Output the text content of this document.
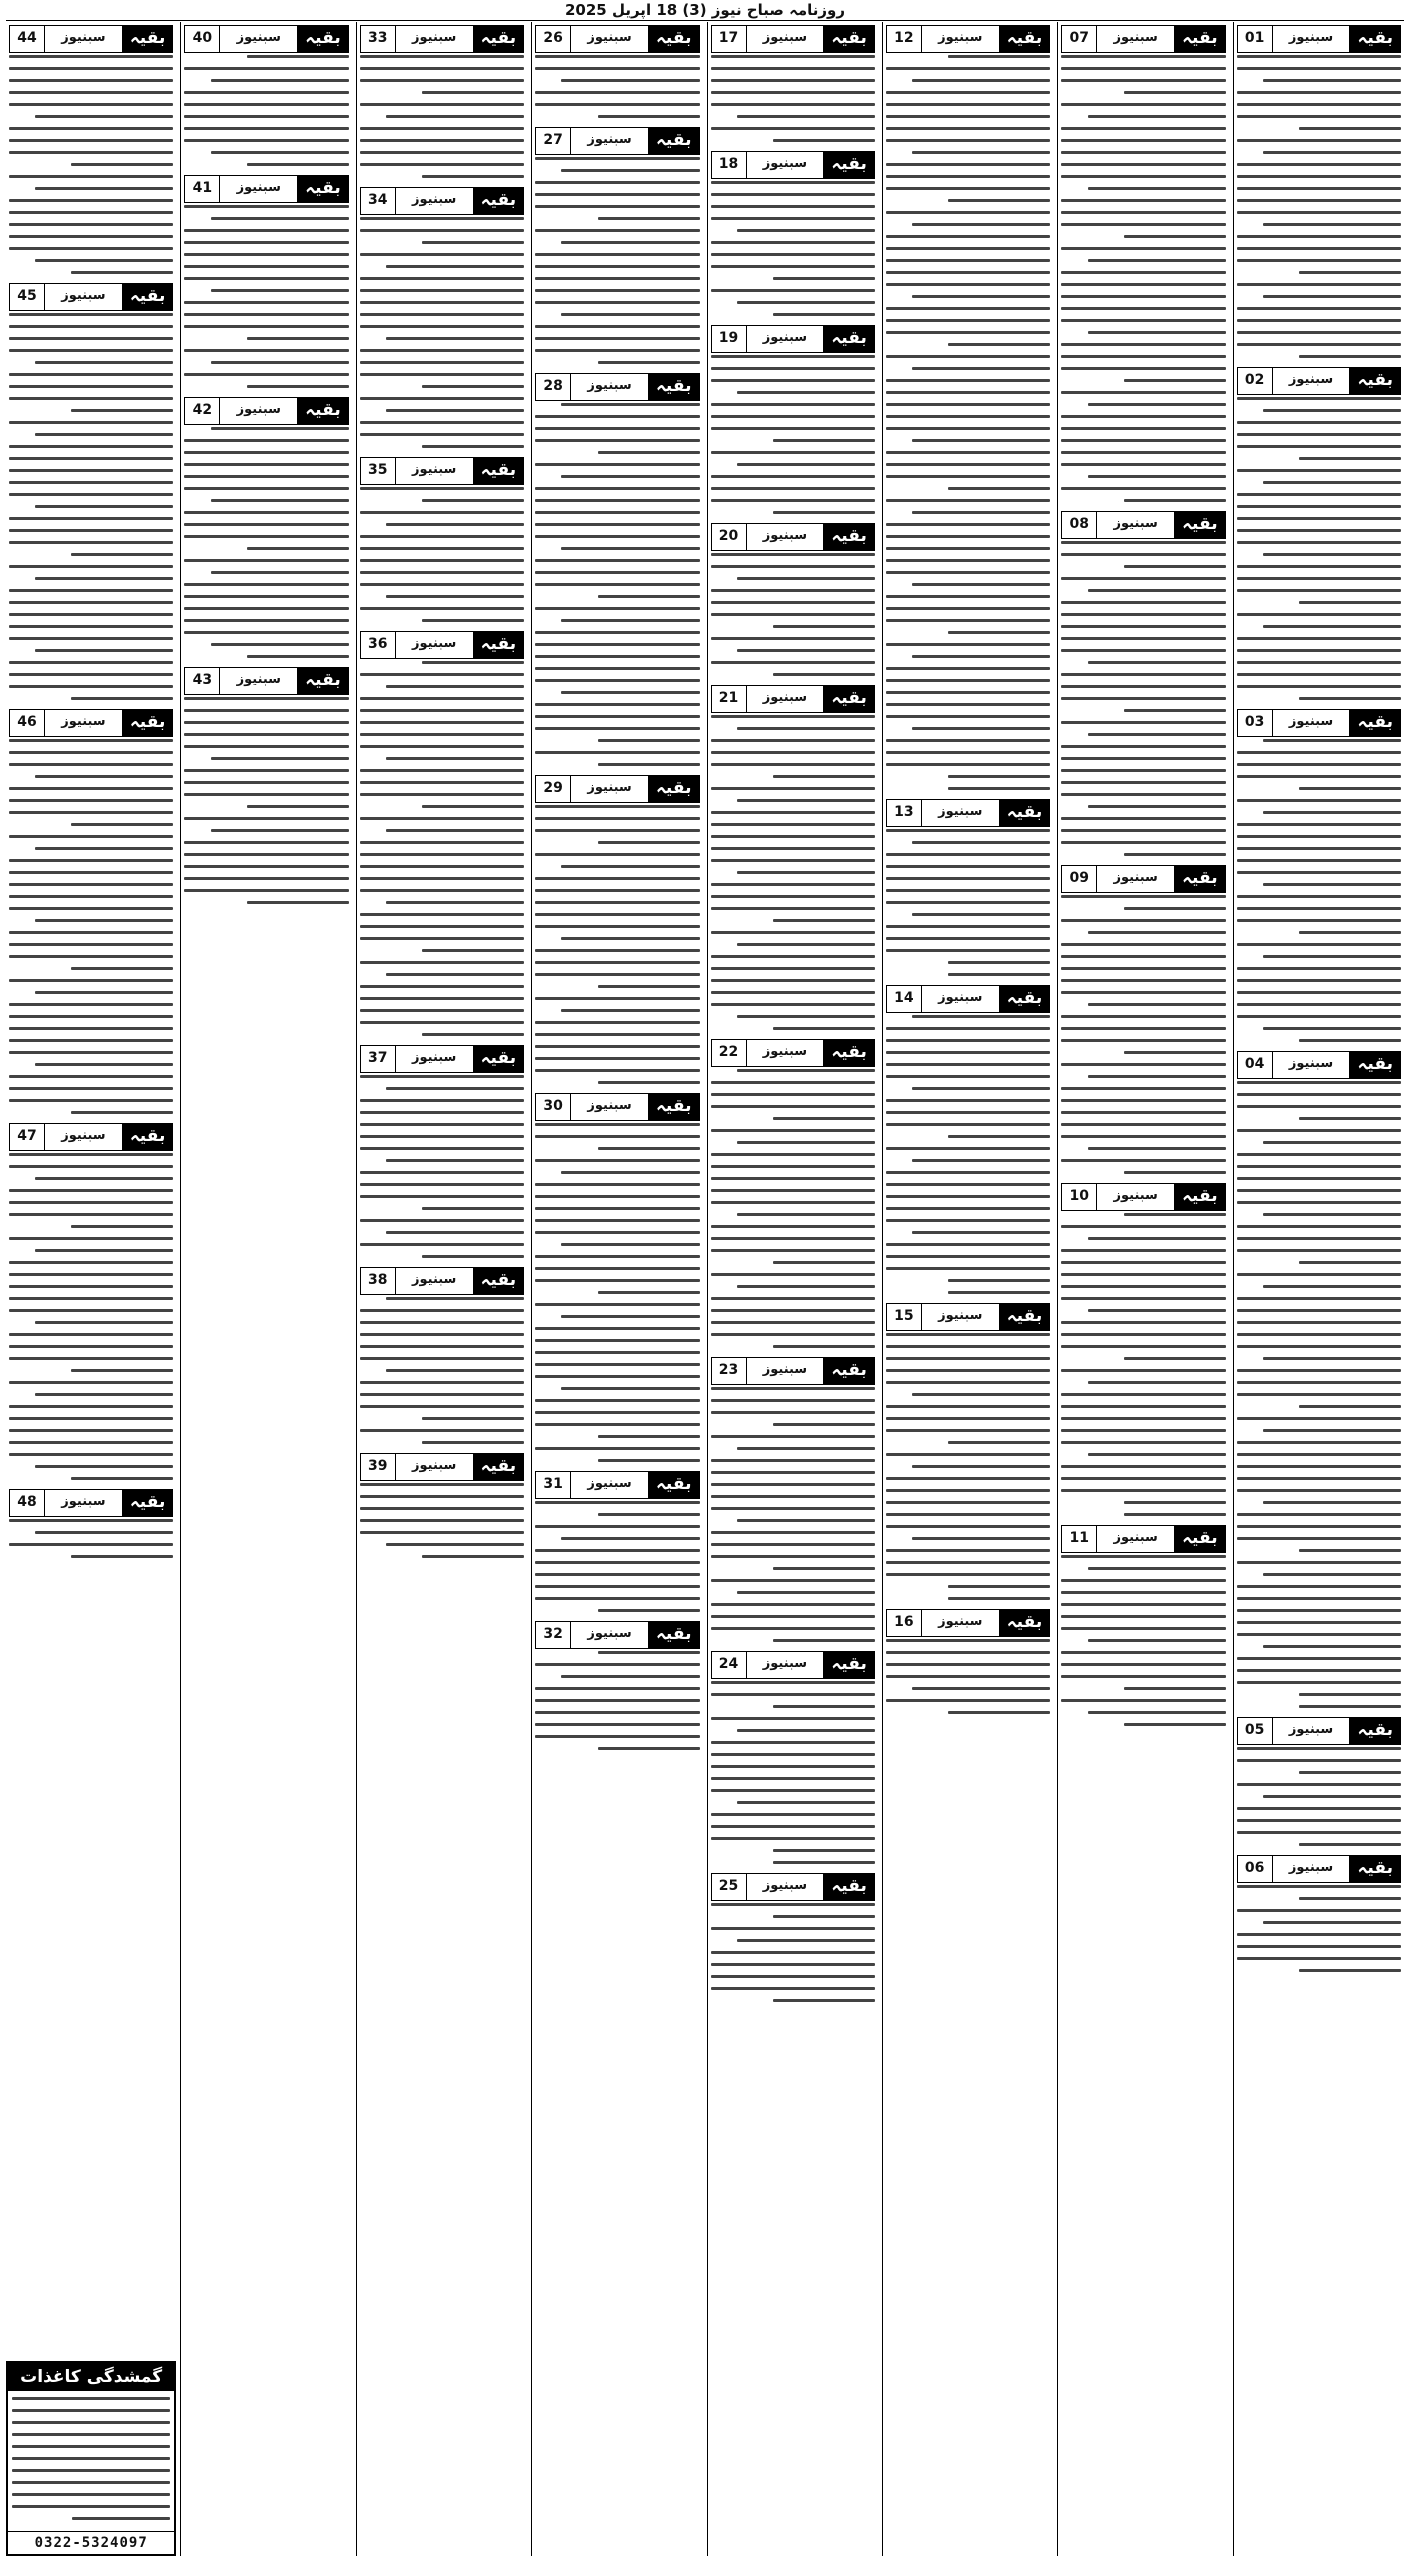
روزنامہ صباح نیوز (3) 18 اپریل 2025
بقیہ
سبنیوز
01
بقیہ
سبنیوز
02
بقیہ
سبنیوز
03
بقیہ
سبنیوز
04
بقیہ
سبنیوز
05
بقیہ
سبنیوز
06
بقیہ
سبنیوز
07
بقیہ
سبنیوز
08
بقیہ
سبنیوز
09
بقیہ
سبنیوز
10
بقیہ
سبنیوز
11
بقیہ
سبنیوز
12
بقیہ
سبنیوز
13
بقیہ
سبنیوز
14
بقیہ
سبنیوز
15
بقیہ
سبنیوز
16
بقیہ
سبنیوز
17
بقیہ
سبنیوز
18
بقیہ
سبنیوز
19
بقیہ
سبنیوز
20
بقیہ
سبنیوز
21
بقیہ
سبنیوز
22
بقیہ
سبنیوز
23
بقیہ
سبنیوز
24
بقیہ
سبنیوز
25
بقیہ
سبنیوز
26
بقیہ
سبنیوز
27
بقیہ
سبنیوز
28
بقیہ
سبنیوز
29
بقیہ
سبنیوز
30
بقیہ
سبنیوز
31
بقیہ
سبنیوز
32
بقیہ
سبنیوز
33
بقیہ
سبنیوز
34
بقیہ
سبنیوز
35
بقیہ
سبنیوز
36
بقیہ
سبنیوز
37
بقیہ
سبنیوز
38
بقیہ
سبنیوز
39
بقیہ
سبنیوز
40
بقیہ
سبنیوز
41
بقیہ
سبنیوز
42
بقیہ
سبنیوز
43
بقیہ
سبنیوز
44
بقیہ
سبنیوز
45
بقیہ
سبنیوز
46
بقیہ
سبنیوز
47
بقیہ
سبنیوز
48
گمشدگی کاغذات
0322-5324097
